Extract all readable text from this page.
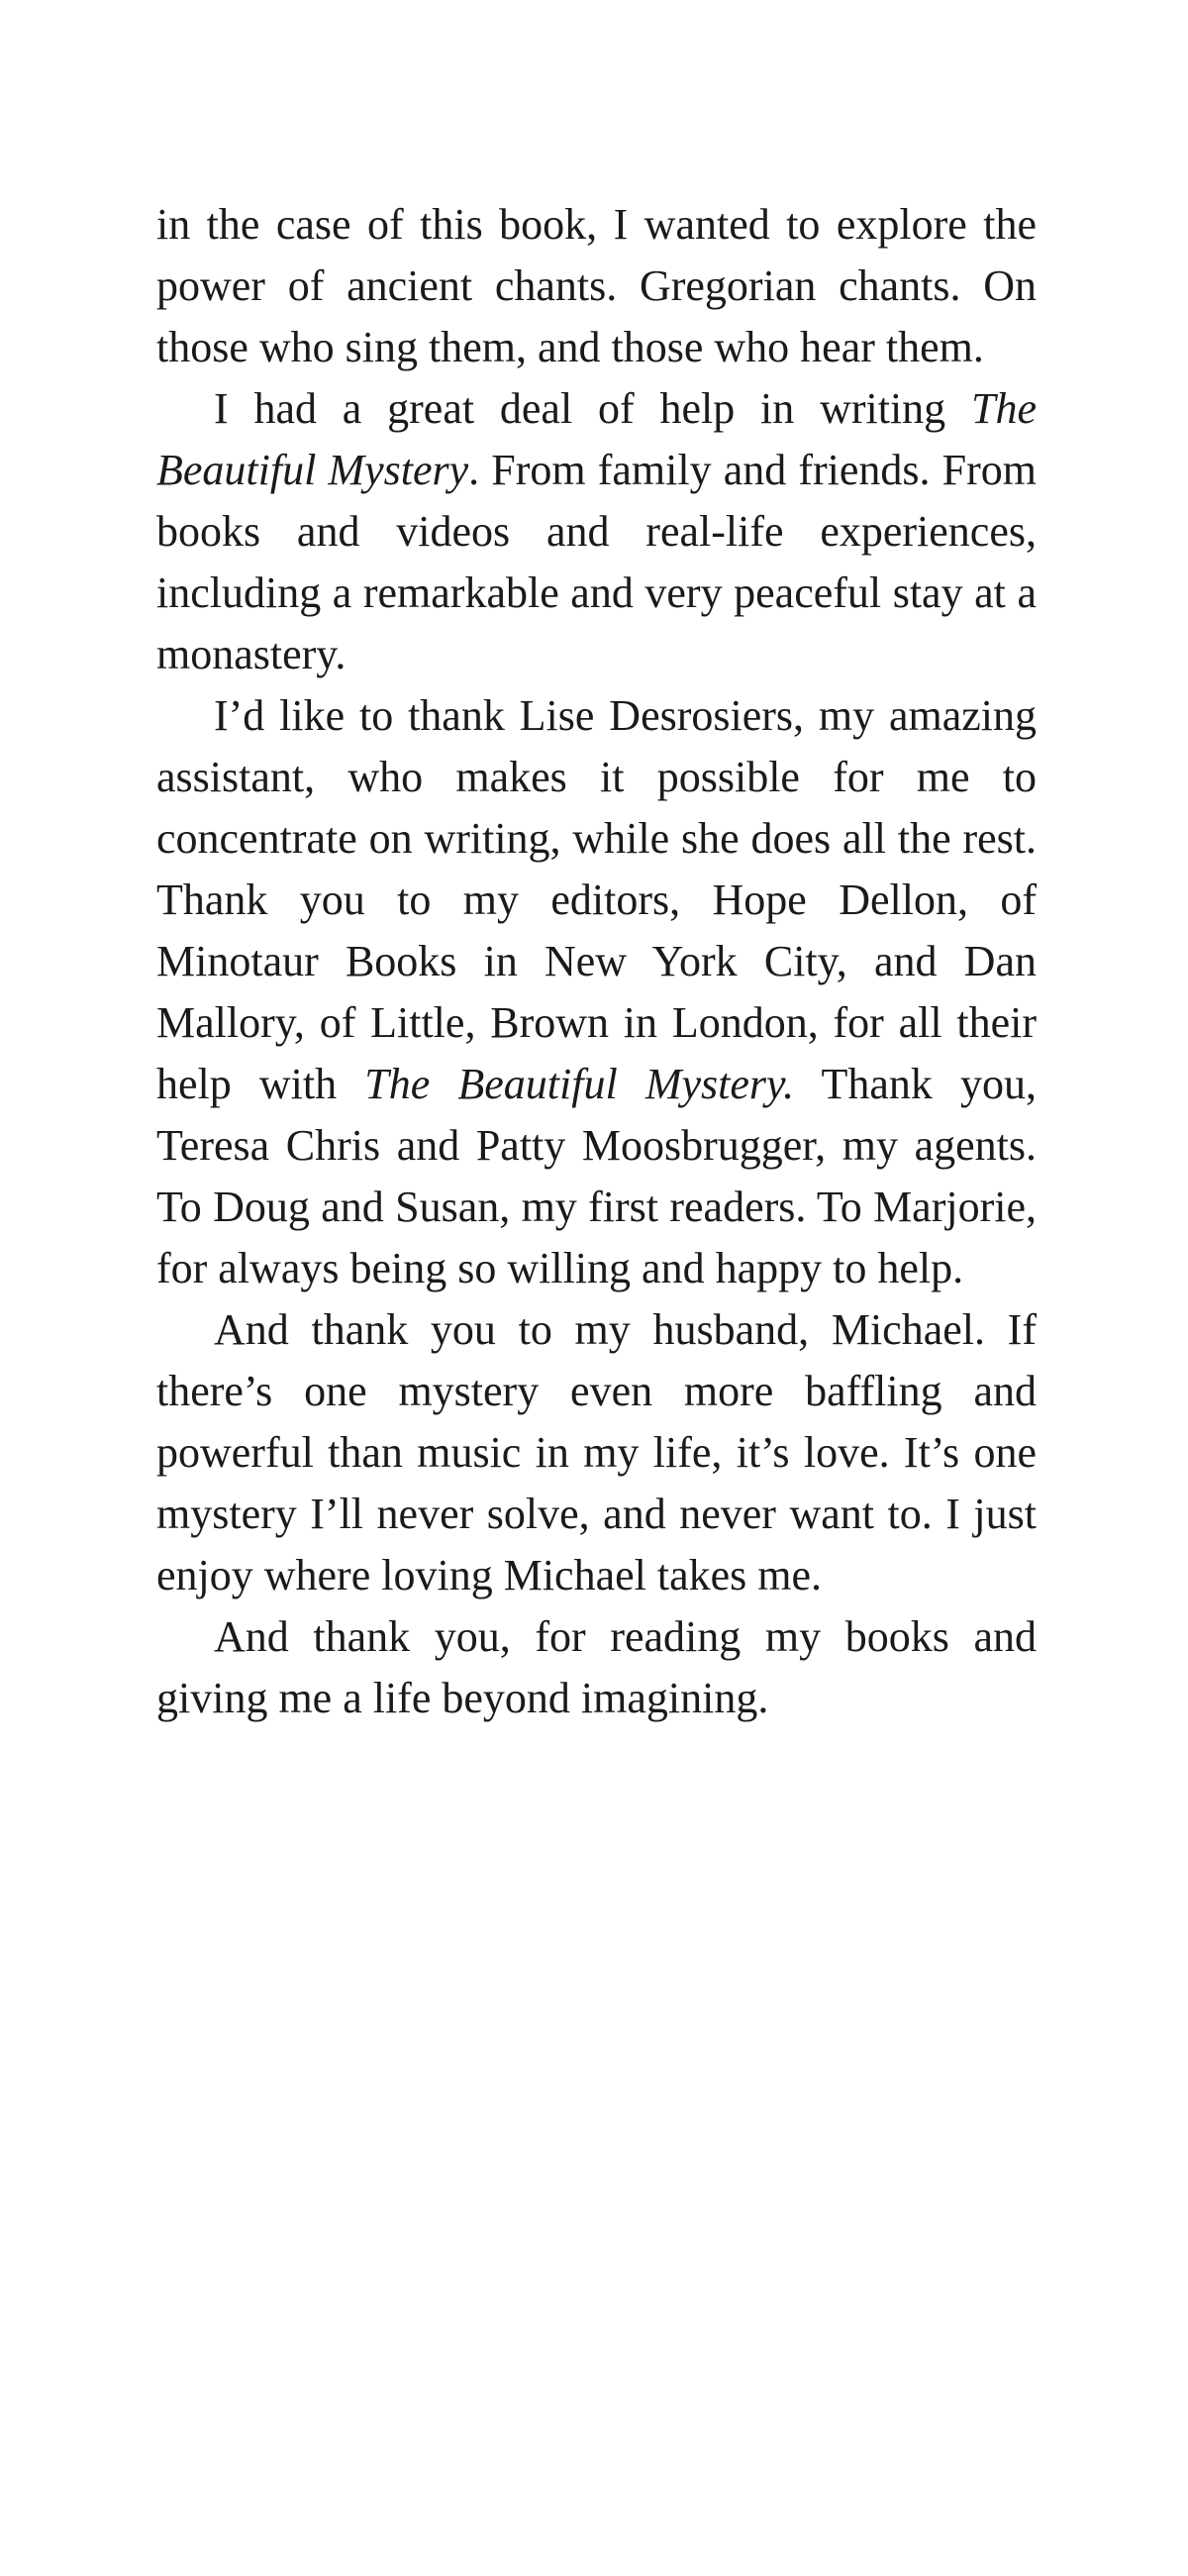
in the case of this book, I wanted to explore the power of ancient chants. Gregorian chants. On those who sing them, and those who hear them.

I had a great deal of help in writing The Beautiful Mystery. From family and friends. From books and videos and real-life experiences, including a remarkable and very peaceful stay at a monastery.

I’d like to thank Lise Desrosiers, my amazing assistant, who makes it possible for me to concentrate on writing, while she does all the rest. Thank you to my editors, Hope Dellon, of Minotaur Books in New York City, and Dan Mallory, of Little, Brown in London, for all their help with The Beautiful Mystery. Thank you, Teresa Chris and Patty Moosbrugger, my agents. To Doug and Susan, my first readers. To Marjorie, for always being so willing and happy to help.

And thank you to my husband, Michael. If there’s one mystery even more baffling and powerful than music in my life, it’s love. It’s one mystery I’ll never solve, and never want to. I just enjoy where loving Michael takes me.

And thank you, for reading my books and giving me a life beyond imagining.
